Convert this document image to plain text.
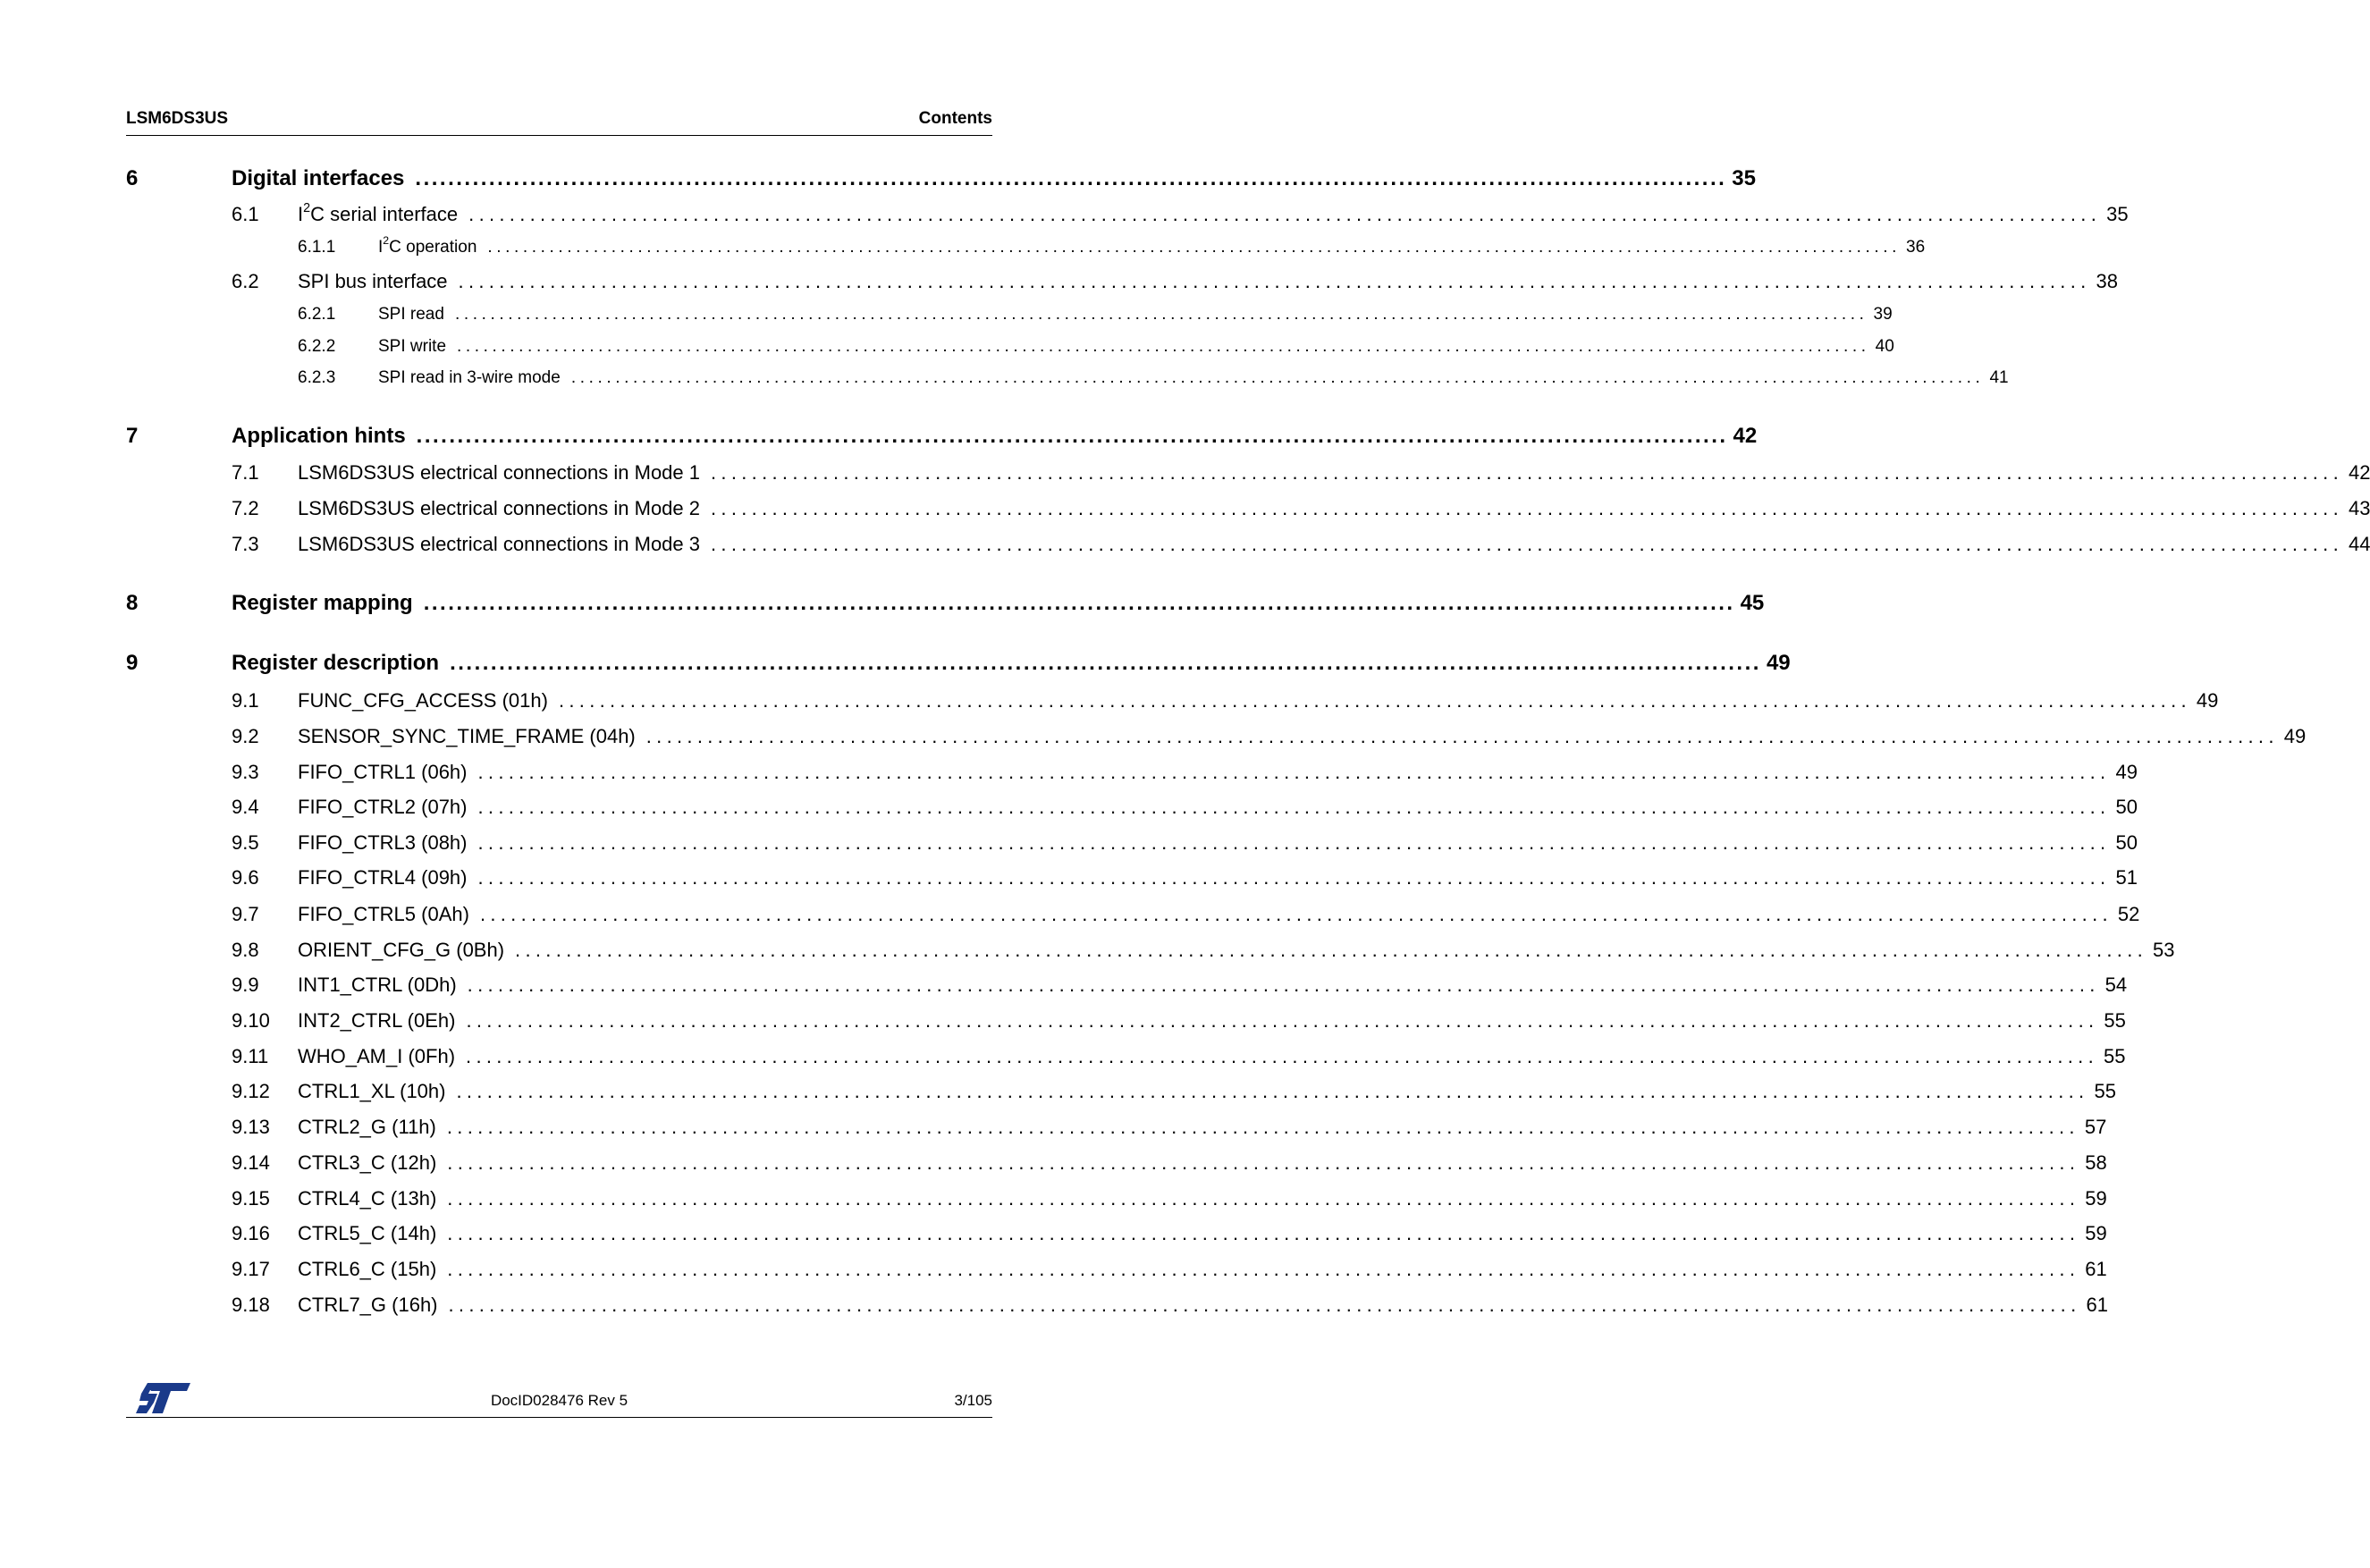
LSM6DS3US	Contents
6	Digital interfaces ................................................................................................................................................................ 35
6.1	$I^2C$ serial interface ................................................................................................................................................................ 35
6.1.1	$I^2C$ operation ................................................................................................................................................................ 36
6.2	SPI bus interface ................................................................................................................................................................ 38
6.2.1	SPI read ................................................................................................................................................................ 39
6.2.2	SPI write ................................................................................................................................................................ 40
6.2.3	SPI read in 3-wire mode ................................................................................................................................................................ 41
7	Application hints ................................................................................................................................................................ 42
7.1	LSM6DS3US electrical connections in Mode 1 ................................................................................................................................................................ 42
7.2	LSM6DS3US electrical connections in Mode 2 ................................................................................................................................................................ 43
7.3	LSM6DS3US electrical connections in Mode 3 ................................................................................................................................................................ 44
8	Register mapping ................................................................................................................................................................ 45
9	Register description ................................................................................................................................................................ 49
9.1	FUNC_CFG_ACCESS (01h) ................................................................................................................................................................ 49
9.2	SENSOR_SYNC_TIME_FRAME (04h) ................................................................................................................................................................ 49
9.3	FIFO_CTRL1 (06h) ................................................................................................................................................................ 49
9.4	FIFO_CTRL2 (07h) ................................................................................................................................................................ 50
9.5	FIFO_CTRL3 (08h) ................................................................................................................................................................ 50
9.6	FIFO_CTRL4 (09h) ................................................................................................................................................................ 51
9.7	FIFO_CTRL5 (0Ah) ................................................................................................................................................................ 52
9.8	ORIENT_CFG_G (0Bh) ................................................................................................................................................................ 53
9.9	INT1_CTRL (0Dh) ................................................................................................................................................................ 54
9.10	INT2_CTRL (0Eh) ................................................................................................................................................................ 55
9.11	WHO_AM_I (0Fh) ................................................................................................................................................................ 55
9.12	CTRL1_XL (10h) ................................................................................................................................................................ 55
9.13	CTRL2_G (11h) ................................................................................................................................................................ 57
9.14	CTRL3_C (12h) ................................................................................................................................................................ 58
9.15	CTRL4_C (13h) ................................................................................................................................................................ 59
9.16	CTRL5_C (14h) ................................................................................................................................................................ 59
9.17	CTRL6_C (15h) ................................................................................................................................................................ 61
9.18	CTRL7_G (16h) ................................................................................................................................................................ 61
DocID028476 Rev 5	3/105
